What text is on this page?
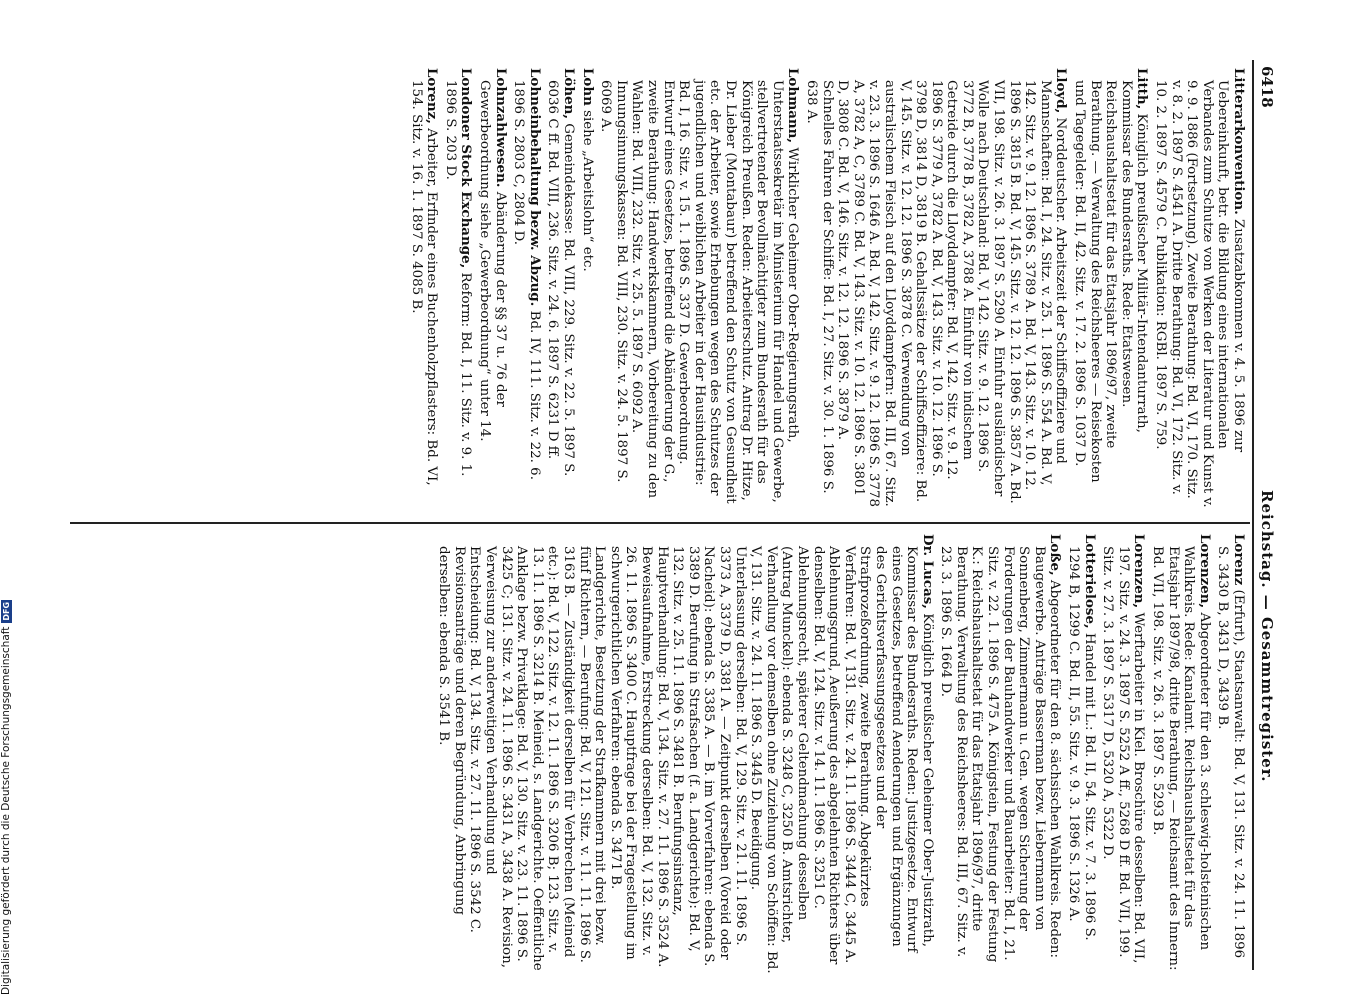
6418
Reichstag. — Gesammtregister.

Litterarkonvention. Zusatzabkommen v. 4. 5. 1896 zur Uebereinkunft, betr. die Bildung eines internationalen Verbandes zum Schutze von Werken der Literatur und Kunst v. 9. 9. 1886 (Fortsetzung). Zweite Berathung: Bd. VI, 170. Sitz. v. 8. 2. 1897 S. 4541 A. Dritte Berathung: Bd. VI, 172. Sitz. v. 10. 2. 1897 S. 4579 C. Publikation: RGBl. 1897 S. 759.

Litth, Königlich preußischer Militär-Intendanturrath, Kommissar des Bundesraths. Rede: Etatswesen. Reichshaushaltsetat für das Etatsjahr 1896/97, zweite Berathung. — Verwaltung des Reichsheeres — Reisekosten und Tagegelder: Bd. II, 42. Sitz. v. 17. 2. 1896 S. 1037 D.

Lloyd, Norddeutscher. Arbeitszeit der Schiffsoffiziere und Mannschaften: Bd. I, 24. Sitz. v. 25. 1. 1896 S. 554 A. Bd. V, 142. Sitz. v. 9. 12. 1896 S. 3789 A. Bd. V, 143. Sitz. v. 10. 12. 1896 S. 3815 B. Bd. V, 145. Sitz. v. 12. 12. 1896 S. 3857 A. Bd. VII, 198. Sitz. v. 26. 3. 1897 S. 5290 A. Einfuhr ausländischer Wolle nach Deutschland: Bd. V, 142. Sitz. v. 9. 12. 1896 S. 3772 B, 3778 B, 3782 A, 3788 A. Einfuhr von indischem Getreide durch die Lloyddampfer: Bd. V, 142. Sitz. v. 9. 12. 1896 S. 3779 A, 3782 A. Bd. V, 143. Sitz. v. 10. 12. 1896 S. 3798 D, 3814 D, 3819 B. Gehaltssätze der Schiffsoffiziere: Bd. V, 145. Sitz. v. 12. 12. 1896 S. 3878 C. Verwendung von australischem Fleisch auf den Lloyddampfern: Bd. III, 67. Sitz. v. 23. 3. 1896 S. 1646 A. Bd. V, 142. Sitz. v. 9. 12. 1896 S. 3778 A, 3782 A, C, 3789 C. Bd. V, 143. Sitz. v. 10. 12. 1896 S. 3801 D, 3808 C. Bd. V, 146. Sitz. v. 12. 12. 1896 S. 3879 A. Schnelles Fahren der Schiffe: Bd. I, 27. Sitz. v. 30. 1. 1896 S. 638 A.

Lohmann, Wirklicher Geheimer Ober-Regierungsrath, Unterstaatssekretär im Ministerium für Handel und Gewerbe, stellvertretender Bevollmächtigter zum Bundesrath für das Königreich Preußen. Reden: Arbeiterschutz. Antrag Dr. Hitze, Dr. Lieber (Montabaur) betreffend den Schutz von Gesundheit etc. der Arbeiter, sowie Erhebungen wegen des Schutzes der jugendlichen und weiblichen Arbeiter in der Hausindustrie: Bd. I, 16. Sitz. v. 15. 1. 1896 S. 337 D. Gewerbeordnung. Entwurf eines Gesetzes, betreffend die Abänderung der G., zweite Berathung: Handwerkskammern, Vorbereitung zu den Wahlen: Bd. VIII, 232. Sitz. v. 25. 5. 1897 S. 6092 A. Innungsinnungskassen: Bd. VIII, 230. Sitz. v. 24. 5. 1897 S. 6069 A.

Lohn siehe „Arbeitslohn“ etc.

Löhen, Gemeindekasse: Bd. VIII, 229. Sitz. v. 22. 5. 1897 S. 6036 C ff. Bd. VIII, 236. Sitz. v. 24. 6. 1897 S. 6231 D ff.

Lohneinbehaltung bezw. Abzug. Bd. IV, 111. Sitz. v. 22. 6. 1896 S. 2803 C, 2804 D.

Lohnzahlwesen. Abänderung der §§ 37 u. 76 der Gewerbeordnung siehe „Gewerbeordnung“ unter 14.

Londoner Stock Exchange, Reform: Bd. I, 11. Sitz. v. 9. 1. 1896 S. 203 D.

Lorenz, Arbeiter, Erfinder eines Buchenholzpflasters: Bd. VI, 154. Sitz. v. 16. 1. 1897 S. 4085 B.

Lorenz (Erfurt), Staatsanwalt: Bd. V, 131. Sitz. v. 24. 11. 1896 S. 3430 B, 3431 D, 3439 B.

Lorenzen, Abgeordneter für den 3. schleswig-holsteinischen Wahlkreis. Rede: Kanalamt. Reichshaushaltsetat für das Etatsjahr 1897/98, dritte Berathung, — Reichsamt des Innern: Bd. VII, 198. Sitz. v. 26. 3. 1897 S. 5293 B.

Lorenzen, Werftarbeiter in Kiel. Broschüre desselben: Bd. VII, 197. Sitz. v. 24. 3. 1897 S. 5252 A ff., 5268 D ff. Bd. VII, 199. Sitz. v. 27. 3. 1897 S. 5317 D, 5320 A, 5322 D.

Lotterielose, Handel mit L.: Bd. II, 54. Sitz. v. 7. 3. 1896 S. 1294 B, 1299 C. Bd. II, 55. Sitz. v. 9. 3. 1896 S. 1326 A.

Loße, Abgeordneter für den 8. sächsischen Wahlkreis. Reden: Baugewerbe. Anträge Basserman bezw. Liebermann von Sonnenberg, Zimmermann u. Gen. wegen Sicherung der Forderungen der Bauhandwerker und Bauarbeiter: Bd. I, 21. Sitz. v. 22. 1. 1896 S. 475 A. Königstein, Festung der Festung K.: Reichshaushaltsetat für das Etatsjahr 1896/97, dritte Berathung. Verwaltung des Reichsheeres: Bd. III, 67. Sitz. v. 23. 3. 1896 S. 1664 D.

Dr. Lucas, Königlich preußischer Geheimer Ober-Justizrath, Kommissar des Bundesraths. Reden: Justizgesetze. Entwurf eines Gesetzes, betreffend Aenderungen und Ergänzungen des Gerichtsverfassungsgesetzes und der Strafprozeßordnung, zweite Berathung. Abgekürztes Verfahren: Bd. V, 131. Sitz. v. 24. 11. 1896 S. 3444 C, 3445 A. Ablehnungsgrund, Aeußerung des abgelehnten Richters über denselben: Bd. V, 124. Sitz. v. 14. 11. 1896 S. 3251 C. Ablehnungsrecht, späterer Geltendmachung desselben (Antrag Munckel): ebenda S. 3248 C, 3250 B. Amtsrichter, Verhandlung vor demselben ohne Zuziehung von Schöffen: Bd. V, 131. Sitz. v. 24. 11. 1896 S. 3445 D. Beeidigung. Unterlassung derselben: Bd. V, 129. Sitz. v. 21. 11. 1896 S. 3373 A, 3379 D, 3381 A. — Zeitpunkt derselben (Voreid oder Nacheid): ebenda S. 3385 A. — B. im Vorverfahren: ebenda S. 3389 D. Berufung in Strafsachen (f. a. Landgerichte): Bd. V, 132. Sitz. v. 25. 11. 1896 S. 3481 B. Berufungsinstanz, Hauptverhandlung: Bd. V, 134. Sitz. v. 27. 11. 1896 S. 3524 A. Beweisaufnahme, Erstreckung derselben: Bd. V, 132. Sitz. v. 26. 11. 1896 S. 3400 C. Hauptfrage bei der Fragestellung im schwurgerichtlichen Verfahren: ebenda S. 3471 B. Landgerichte, Besetzung der Strafkammern mit drei bezw. fünf Richtern, — Berufung: Bd. V, 121. Sitz. v. 11. 11. 1896 S. 3163 B. — Zuständigkeit derselben für Verbrechen (Meineid etc.): Bd. V, 122. Sitz. v. 12. 11. 1896 S. 3206 B; 123. Sitz. v. 13. 11. 1896 S. 3214 B. Meineid, s. Landgerichte. Oeffentliche Anklage bezw. Privatklage: Bd. V, 130. Sitz. v. 23. 11. 1896 S. 3425 C; 131. Sitz. v. 24. 11. 1896 S. 3431 A, 3438 A. Revision, Verweisung zur anderweitigen Verhandlung und Entscheidung: Bd. V, 134. Sitz. v. 27. 11. 1896 S. 3542 C. Revisionsanträge und deren Begründung, Anbringung derselben: ebenda S. 3541 B.

Digitalisierung gefördert durch die Deutsche ForschungsgemeinschaftDFG
